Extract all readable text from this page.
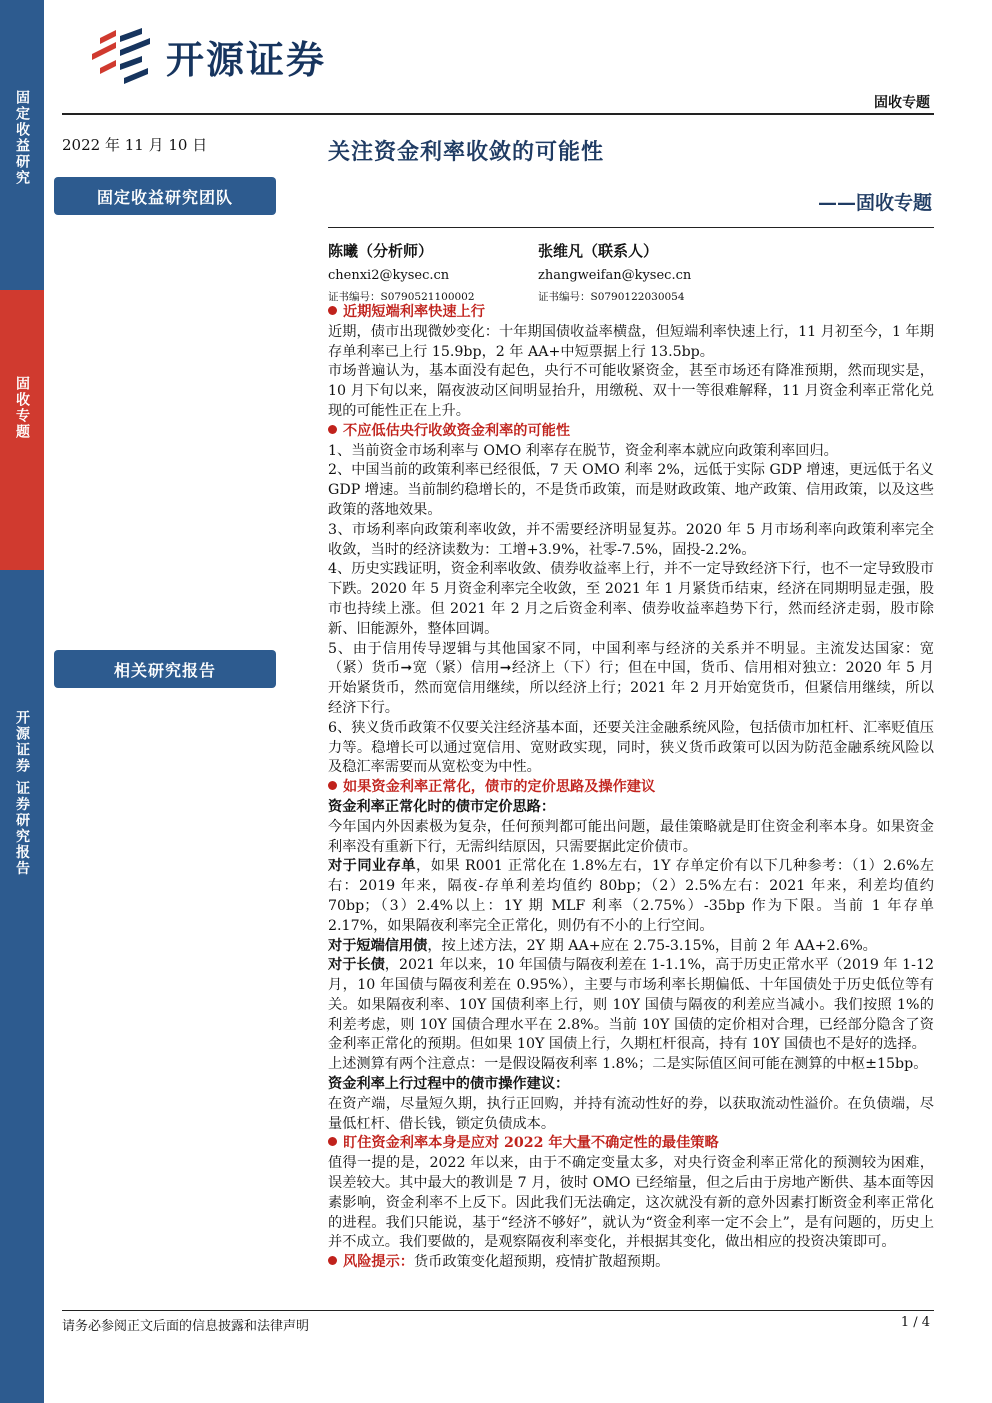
固定收益研究
固收专题
开源证券 证券研究报告
开源证券
固收专题
2022 年 11 月 10 日	关注资金利率收敛的可能性
——固收专题
固定收益研究团队
相关研究报告
陈曦（分析师）
chenxi2@kysec.cn
证书编号：S0790521100002
张维凡（联系人）
zhangweifan@kysec.cn
证书编号：S0790122030054

近期短端利率快速上行

近期，债市出现微妙变化：十年期国债收益率横盘，但短端利率快速上行，11 月初至今，1 年期存单利率已上行 15.9bp，2 年 AA+中短票据上行 13.5bp。

市场普遍认为，基本面没有起色，央行不可能收紧资金，甚至市场还有降准预期，然而现实是，10 月下旬以来，隔夜波动区间明显抬升，用缴税、双十一等很难解释，11 月资金利率正常化兑现的可能性正在上升。

不应低估央行收敛资金利率的可能性

1、当前资金市场利率与 OMO 利率存在脱节，资金利率本就应向政策利率回归。

2、中国当前的政策利率已经很低，7 天 OMO 利率 2%，远低于实际 GDP 增速，更远低于名义 GDP 增速。当前制约稳增长的，不是货币政策，而是财政政策、地产政策、信用政策，以及这些政策的落地效果。

3、市场利率向政策利率收敛，并不需要经济明显复苏。2020 年 5 月市场利率向政策利率完全收敛，当时的经济读数为：工增+3.9%，社零-7.5%，固投-2.2%。

4、历史实践证明，资金利率收敛、债券收益率上行，并不一定导致经济下行，也不一定导致股市下跌。2020 年 5 月资金利率完全收敛，至 2021 年 1 月紧货币结束，经济在同期明显走强，股市也持续上涨。但 2021 年 2 月之后资金利率、债券收益率趋势下行，然而经济走弱，股市除新、旧能源外，整体回调。

5、由于信用传导逻辑与其他国家不同，中国利率与经济的关系并不明显。主流发达国家：宽（紧）货币➞宽（紧）信用➞经济上（下）行；但在中国，货币、信用相对独立：2020 年 5 月开始紧货币，然而宽信用继续，所以经济上行；2021 年 2 月开始宽货币，但紧信用继续，所以经济下行。

6、狭义货币政策不仅要关注经济基本面，还要关注金融系统风险，包括债市加杠杆、汇率贬值压力等。稳增长可以通过宽信用、宽财政实现，同时，狭义货币政策可以因为防范金融系统风险以及稳汇率需要而从宽松变为中性。

如果资金利率正常化，债市的定价思路及操作建议

资金利率正常化时的债市定价思路：

今年国内外因素极为复杂，任何预判都可能出问题，最佳策略就是盯住资金利率本身。如果资金利率没有重新下行，无需纠结原因，只需要据此定价债市。

对于同业存单，如果 R001 正常化在 1.8%左右，1Y 存单定价有以下几种参考：（1）2.6%左右：2019 年来，隔夜-存单利差均值约 80bp；（2）2.5%左右：2021 年来，利差均值约 70bp；（3）2.4%以上：1Y 期 MLF 利率（2.75%）-35bp 作为下限。当前 1 年存单 2.17%，如果隔夜利率完全正常化，则仍有不小的上行空间。

对于短端信用债，按上述方法，2Y 期 AA+应在 2.75-3.15%，目前 2 年 AA+2.6%。

对于长债，2021 年以来，10 年国债与隔夜利差在 1-1.1%，高于历史正常水平（2019 年 1-12 月，10 年国债与隔夜利差在 0.95%），主要与市场利率长期偏低、十年国债处于历史低位等有关。如果隔夜利率、10Y 国债利率上行，则 10Y 国债与隔夜的利差应当减小。我们按照 1%的利差考虑，则 10Y 国债合理水平在 2.8%。当前 10Y 国债的定价相对合理，已经部分隐含了资金利率正常化的预期。但如果 10Y 国债上行，久期杠杆很高，持有 10Y 国债也不是好的选择。

上述测算有两个注意点：一是假设隔夜利率 1.8%；二是实际值区间可能在测算的中枢±15bp。

资金利率上行过程中的债市操作建议：

在资产端，尽量短久期，执行正回购，并持有流动性好的券，以获取流动性溢价。在负债端，尽量低杠杆、借长钱，锁定负债成本。

盯住资金利率本身是应对 2022 年大量不确定性的最佳策略

值得一提的是，2022 年以来，由于不确定变量太多，对央行资金利率正常化的预测较为困难，误差较大。其中最大的教训是 7 月，彼时 OMO 已经缩量，但之后由于房地产断供、基本面等因素影响，资金利率不上反下。因此我们无法确定，这次就没有新的意外因素打断资金利率正常化的进程。我们只能说，基于“经济不够好”，就认为“资金利率一定不会上”，是有问题的，历史上并不成立。我们要做的，是观察隔夜利率变化，并根据其变化，做出相应的投资决策即可。

风险提示：货币政策变化超预期，疫情扩散超预期。

请务必参阅正文后面的信息披露和法律声明	1 / 4
